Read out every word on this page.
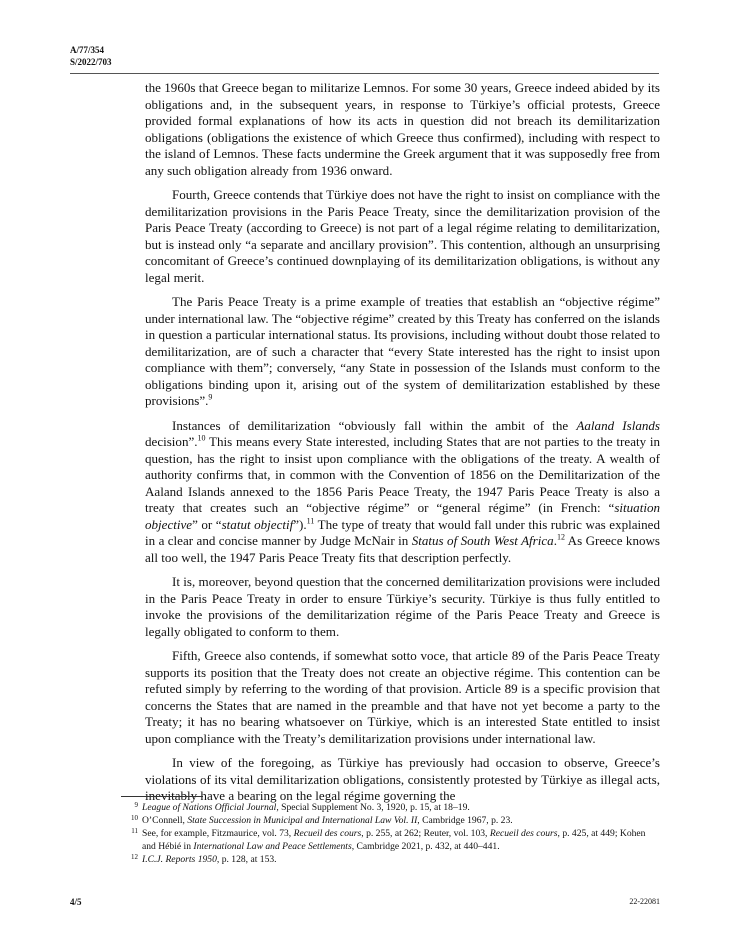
A/77/354
S/2022/703

the 1960s that Greece began to militarize Lemnos. For some 30 years, Greece indeed abided by its obligations and, in the subsequent years, in response to Türkiye’s official protests, Greece provided formal explanations of how its acts in question did not breach its demilitarization obligations (obligations the existence of which Greece thus confirmed), including with respect to the island of Lemnos. These facts undermine the Greek argument that it was supposedly free from any such obligation already from 1936 onward.

Fourth, Greece contends that Türkiye does not have the right to insist on compliance with the demilitarization provisions in the Paris Peace Treaty, since the demilitarization provision of the Paris Peace Treaty (according to Greece) is not part of a legal régime relating to demilitarization, but is instead only “a separate and ancillary provision”. This contention, although an unsurprising concomitant of Greece’s continued downplaying of its demilitarization obligations, is without any legal merit.

The Paris Peace Treaty is a prime example of treaties that establish an “objective régime” under international law. The “objective régime” created by this Treaty has conferred on the islands in question a particular international status. Its provisions, including without doubt those related to demilitarization, are of such a character that “every State interested has the right to insist upon compliance with them”; conversely, “any State in possession of the Islands must conform to the obligations binding upon it, arising out of the system of demilitarization established by these provisions”.$^9$

Instances of demilitarization “obviously fall within the ambit of the Aaland Islands decision”.$^{10}$ This means every State interested, including States that are not parties to the treaty in question, has the right to insist upon compliance with the obligations of the treaty. A wealth of authority confirms that, in common with the Convention of 1856 on the Demilitarization of the Aaland Islands annexed to the 1856 Paris Peace Treaty, the 1947 Paris Peace Treaty is also a treaty that creates such an “objective régime” or “general régime” (in French: “situation objective” or “statut objectif”).$^{11}$ The type of treaty that would fall under this rubric was explained in a clear and concise manner by Judge McNair in Status of South West Africa.$^{12}$ As Greece knows all too well, the 1947 Paris Peace Treaty fits that description perfectly.

It is, moreover, beyond question that the concerned demilitarization provisions were included in the Paris Peace Treaty in order to ensure Türkiye’s security. Türkiye is thus fully entitled to invoke the provisions of the demilitarization régime of the Paris Peace Treaty and Greece is legally obligated to conform to them.

Fifth, Greece also contends, if somewhat sotto voce, that article 89 of the Paris Peace Treaty supports its position that the Treaty does not create an objective régime. This contention can be refuted simply by referring to the wording of that provision. Article 89 is a specific provision that concerns the States that are named in the preamble and that have not yet become a party to the Treaty; it has no bearing whatsoever on Türkiye, which is an interested State entitled to insist upon compliance with the Treaty’s demilitarization provisions under international law.

In view of the foregoing, as Türkiye has previously had occasion to observe, Greece’s violations of its vital demilitarization obligations, consistently protested by Türkiye as illegal acts, inevitably have a bearing on the legal régime governing the

9 League of Nations Official Journal, Special Supplement No. 3, 1920, p. 15, at 18–19.
10 O’Connell, State Succession in Municipal and International Law Vol. II, Cambridge 1967, p. 23.
11 See, for example, Fitzmaurice, vol. 73, Recueil des cours, p. 255, at 262; Reuter, vol. 103, Recueil des cours, p. 425, at 449; Kohen and Hébié in International Law and Peace Settlements, Cambridge 2021, p. 432, at 440–441.
12 I.C.J. Reports 1950, p. 128, at 153.
4/5	22-22081
